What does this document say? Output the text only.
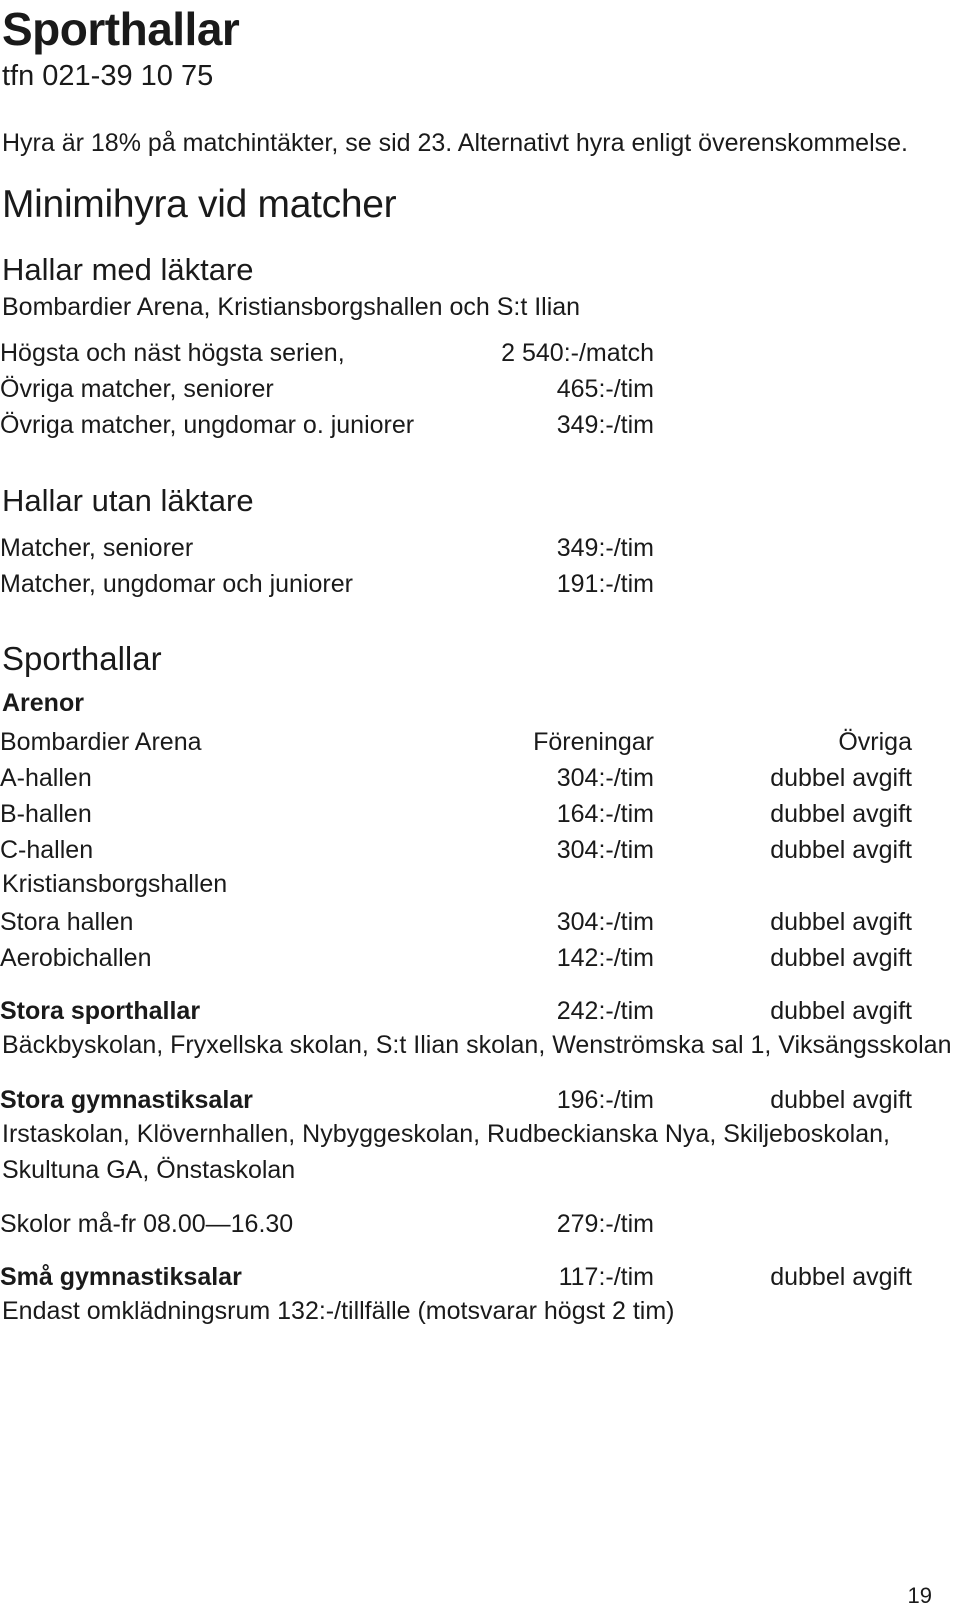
Sporthallar
tfn 021-39 10 75
Hyra är 18% på matchintäkter, se sid 23. Alternativt hyra enligt överenskommelse.
Minimihyra vid matcher
Hallar med läktare
Bombardier Arena, Kristiansborgshallen och S:t Ilian
Högsta och näst högsta serien,	2 540:-/match
Övriga matcher, seniorer	465:-/tim
Övriga matcher, ungdomar o. juniorer	349:-/tim
Hallar utan läktare
Matcher, seniorer	349:-/tim
Matcher, ungdomar och juniorer	191:-/tim
Sporthallar
Arenor
Bombardier Arena	Föreningar	Övriga
A-hallen	304:-/tim	dubbel avgift
B-hallen	164:-/tim	dubbel avgift
C-hallen	304:-/tim	dubbel avgift
Kristiansborgshallen
Stora hallen	304:-/tim	dubbel avgift
Aerobichallen	142:-/tim	dubbel avgift
Stora sporthallar	242:-/tim	dubbel avgift
Bäckbyskolan, Fryxellska skolan, S:t Ilian skolan, Wenströmska sal 1, Viksängsskolan
Stora gymnastiksalar	196:-/tim	dubbel avgift
Irstaskolan, Klövernhallen, Nybyggeskolan, Rudbeckianska Nya, Skiljeboskolan,
Skultuna GA, Önstaskolan
Skolor må-fr 08.00—16.30	279:-/tim
Små gymnastiksalar	117:-/tim	dubbel avgift
Endast omklädningsrum 132:-/tillfälle (motsvarar högst 2 tim)
19
